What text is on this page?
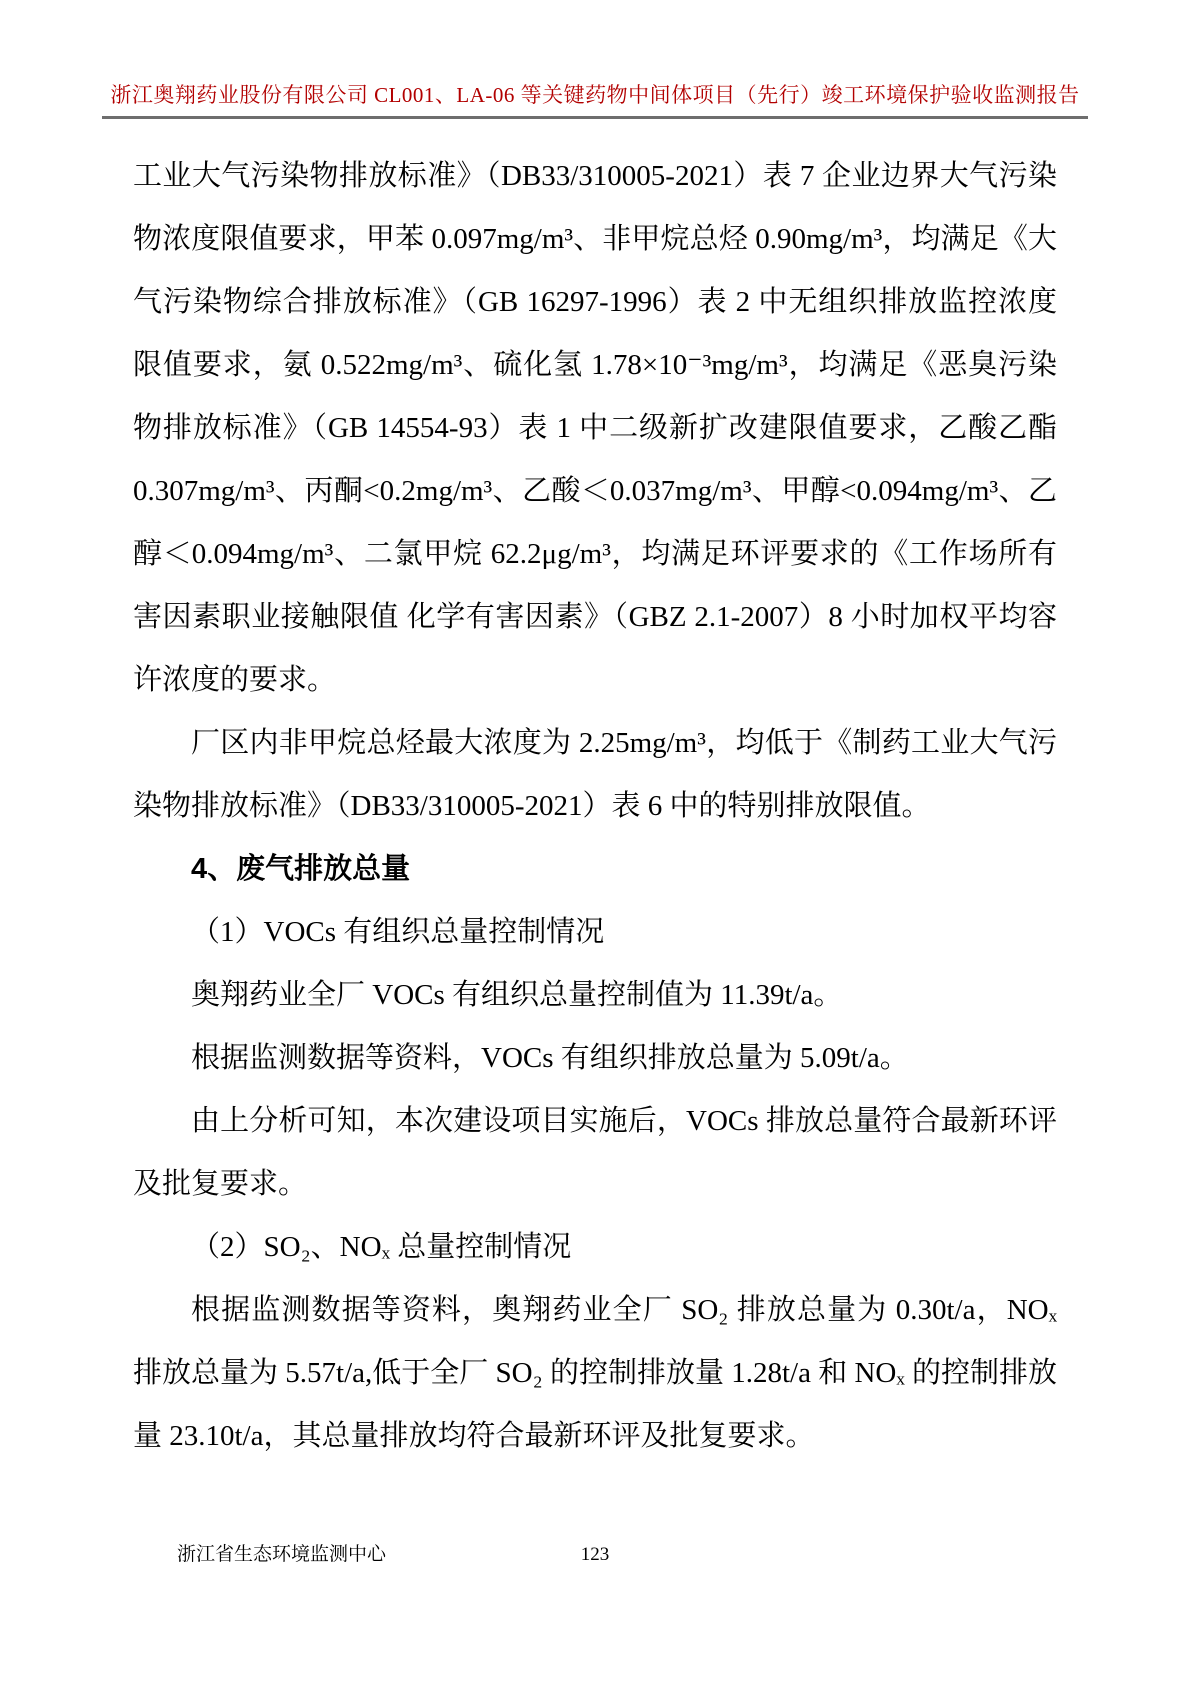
浙江奥翔药业股份有限公司 CL001、LA-06 等关键药物中间体项目（先行）竣工环境保护验收监测报告

工业大气污染物排放标准》（DB33/310005-2021）表 7 企业边界大气污染物浓度限值要求，甲苯 0.097mg/m³、非甲烷总烃 0.90mg/m³，均满足《大气污染物综合排放标准》（GB 16297-1996）表 2 中无组织排放监控浓度限值要求，氨 0.522mg/m³、硫化氢 1.78×10⁻³mg/m³，均满足《恶臭污染物排放标准》（GB 14554-93）表 1 中二级新扩改建限值要求，乙酸乙酯 0.307mg/m³、丙酮<0.2mg/m³、乙酸＜0.037mg/m³、甲醇<0.094mg/m³、乙醇＜0.094mg/m³、二氯甲烷 62.2μg/m³，均满足环评要求的《工作场所有害因素职业接触限值 化学有害因素》（GBZ 2.1-2007）8 小时加权平均容许浓度的要求。

厂区内非甲烷总烃最大浓度为 2.25mg/m³，均低于《制药工业大气污染物排放标准》（DB33/310005-2021）表 6 中的特别排放限值。

4、废气排放总量

（1）VOCs 有组织总量控制情况

奥翔药业全厂 VOCs 有组织总量控制值为 11.39t/a。

根据监测数据等资料，VOCs 有组织排放总量为 5.09t/a。

由上分析可知，本次建设项目实施后，VOCs 排放总量符合最新环评及批复要求。

（2）SO₂、NOₓ 总量控制情况

根据监测数据等资料，奥翔药业全厂 SO₂ 排放总量为 0.30t/a，NOₓ 排放总量为 5.57t/a,低于全厂 SO₂ 的控制排放量 1.28t/a 和 NOₓ 的控制排放量 23.10t/a，其总量排放均符合最新环评及批复要求。

浙江省生态环境监测中心	123
